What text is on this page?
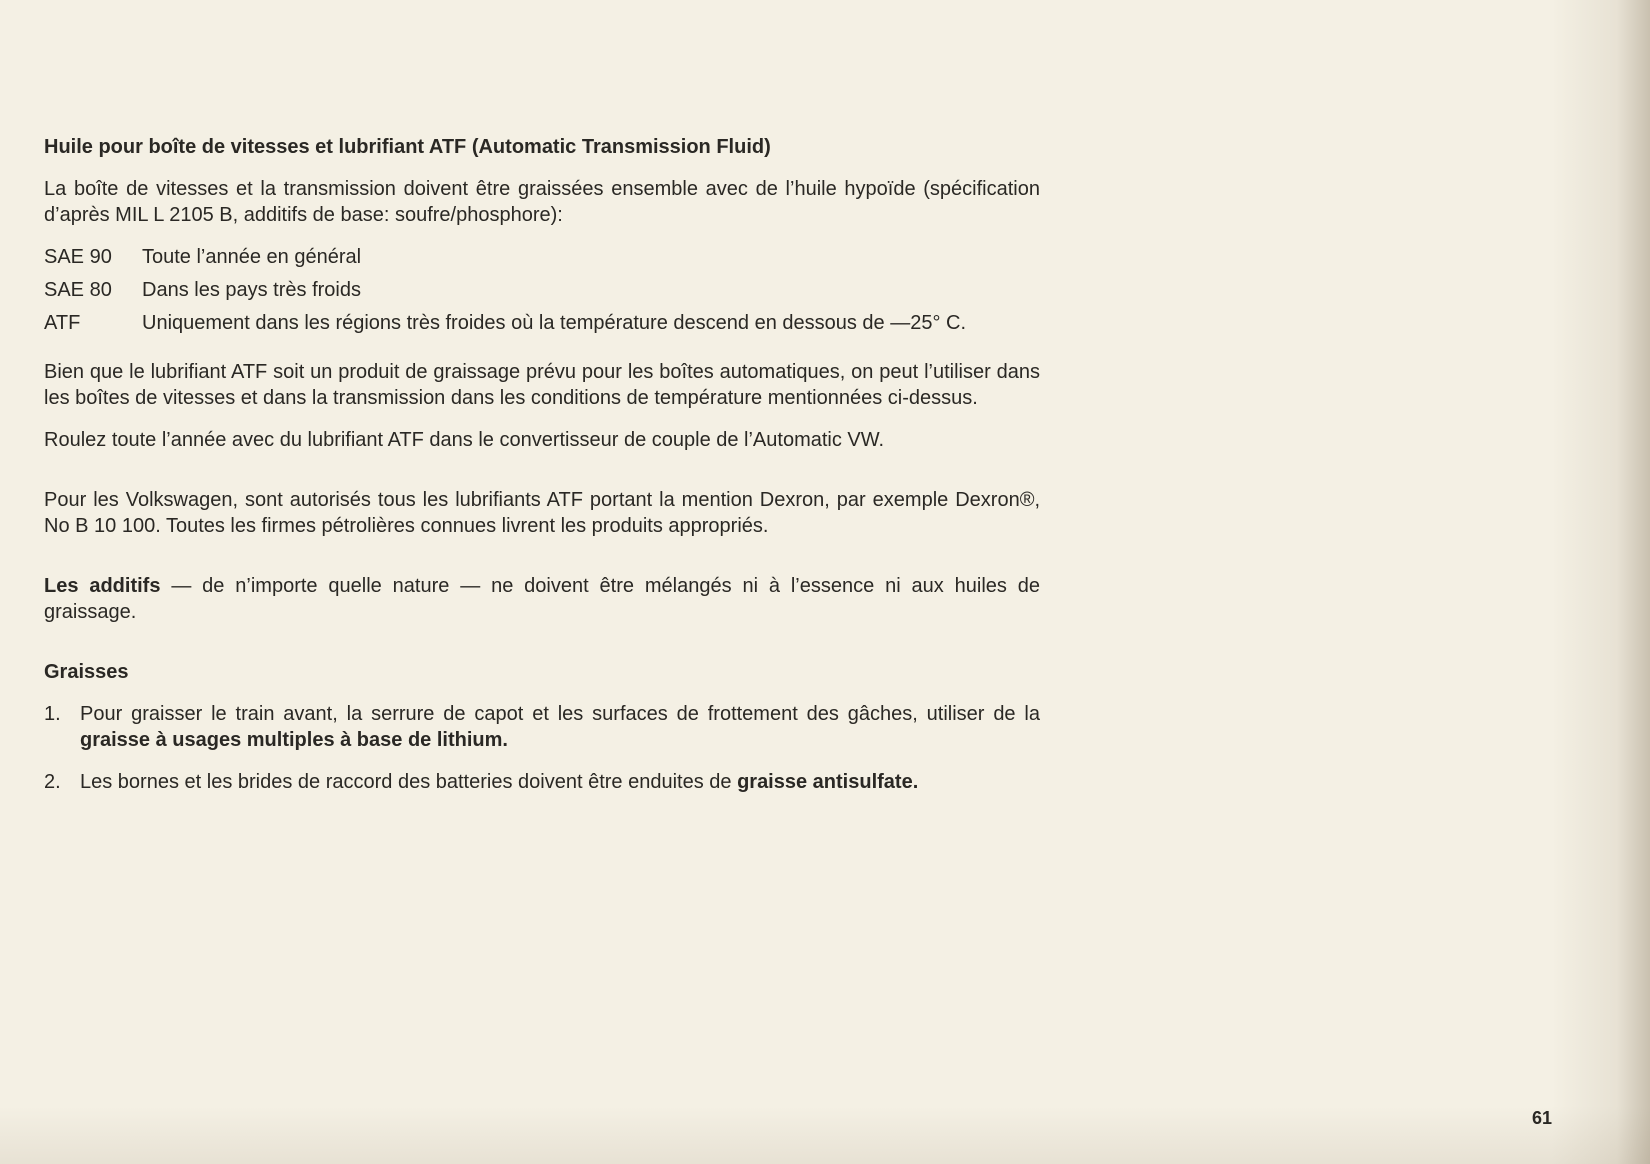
Huile pour boîte de vitesses et lubrifiant ATF (Automatic Transmission Fluid)

La boîte de vitesses et la transmission doivent être graissées ensemble avec de l’huile hypoïde (spécification d’après MIL L 2105 B, additifs de base: soufre/phosphore):

SAE 90	Toute l’année en général
SAE 80	Dans les pays très froids
ATF	Uniquement dans les régions très froides où la température descend en dessous de —25° C.

Bien que le lubrifiant ATF soit un produit de graissage prévu pour les boîtes automatiques, on peut l’utiliser dans les boîtes de vitesses et dans la transmission dans les conditions de température mentionnées ci-dessus.

Roulez toute l’année avec du lubrifiant ATF dans le convertisseur de couple de l’Automatic VW.

Pour les Volkswagen, sont autorisés tous les lubrifiants ATF portant la mention Dexron, par exemple Dexron®, No B 10 100. Toutes les firmes pétrolières connues livrent les produits appropriés.

Les additifs — de n’importe quelle nature — ne doivent être mélangés ni à l’essence ni aux huiles de graissage.

Graisses
1. Pour graisser le train avant, la serrure de capot et les surfaces de frottement des gâches, utiliser de la graisse à usages multiples à base de lithium.
2. Les bornes et les brides de raccord des batteries doivent être enduites de graisse antisulfate.
61
